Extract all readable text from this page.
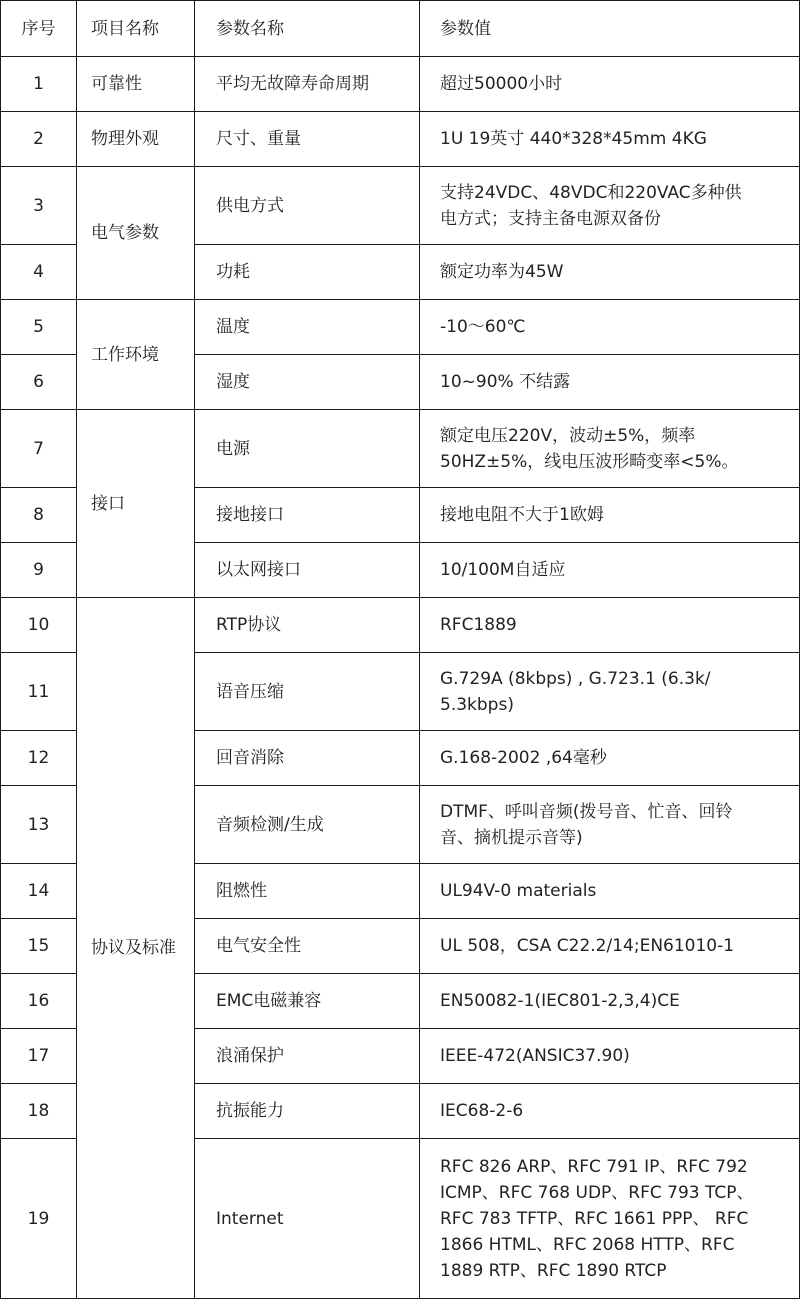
序号	项目名称	参数名称	参数值
1	可靠性	平均无故障寿命周期	超过50000小时

2	物理外观	尺寸、重量	1U 19英寸 440*328*45mm 4KG

3	电气参数	供电方式	支持24VDC、48VDC和220VAC多种供
电方式；支持主备电源双备份

4		功耗	额定功率为45W

5	工作环境	温度	-10～60℃

6		湿度	10~90% 不结露

7	接口	电源	额定电压220V，波动±5%，频率
50HZ±5%，线电压波形畸变率<5%。

8		接地接口	接地电阻不大于1欧姆

9		以太网接口	10/100M自适应

10	协议及标准	RTP协议	RFC1889

11		语音压缩	G.729A (8kbps) , G.723.1 (6.3k/
5.3kbps)

12		回音消除	G.168-2002 ,64毫秒

13		音频检测/生成	DTMF、呼叫音频(拨号音、忙音、回铃
音、摘机提示音等)

14		阻燃性	UL94V-0 materials

15		电气安全性	UL 508，CSA C22.2/14;EN61010-1

16		EMC电磁兼容	EN50082-1(IEC801-2,3,4)CE

17		浪涌保护	IEEE-472(ANSIC37.90)

18		抗振能力	IEC68-2-6

19		Internet	RFC 826 ARP、RFC 791 IP、RFC 792
ICMP、RFC 768 UDP、RFC 793 TCP、
RFC 783 TFTP、RFC 1661 PPP、 RFC
1866 HTML、RFC 2068 HTTP、RFC
1889 RTP、RFC 1890 RTCP
